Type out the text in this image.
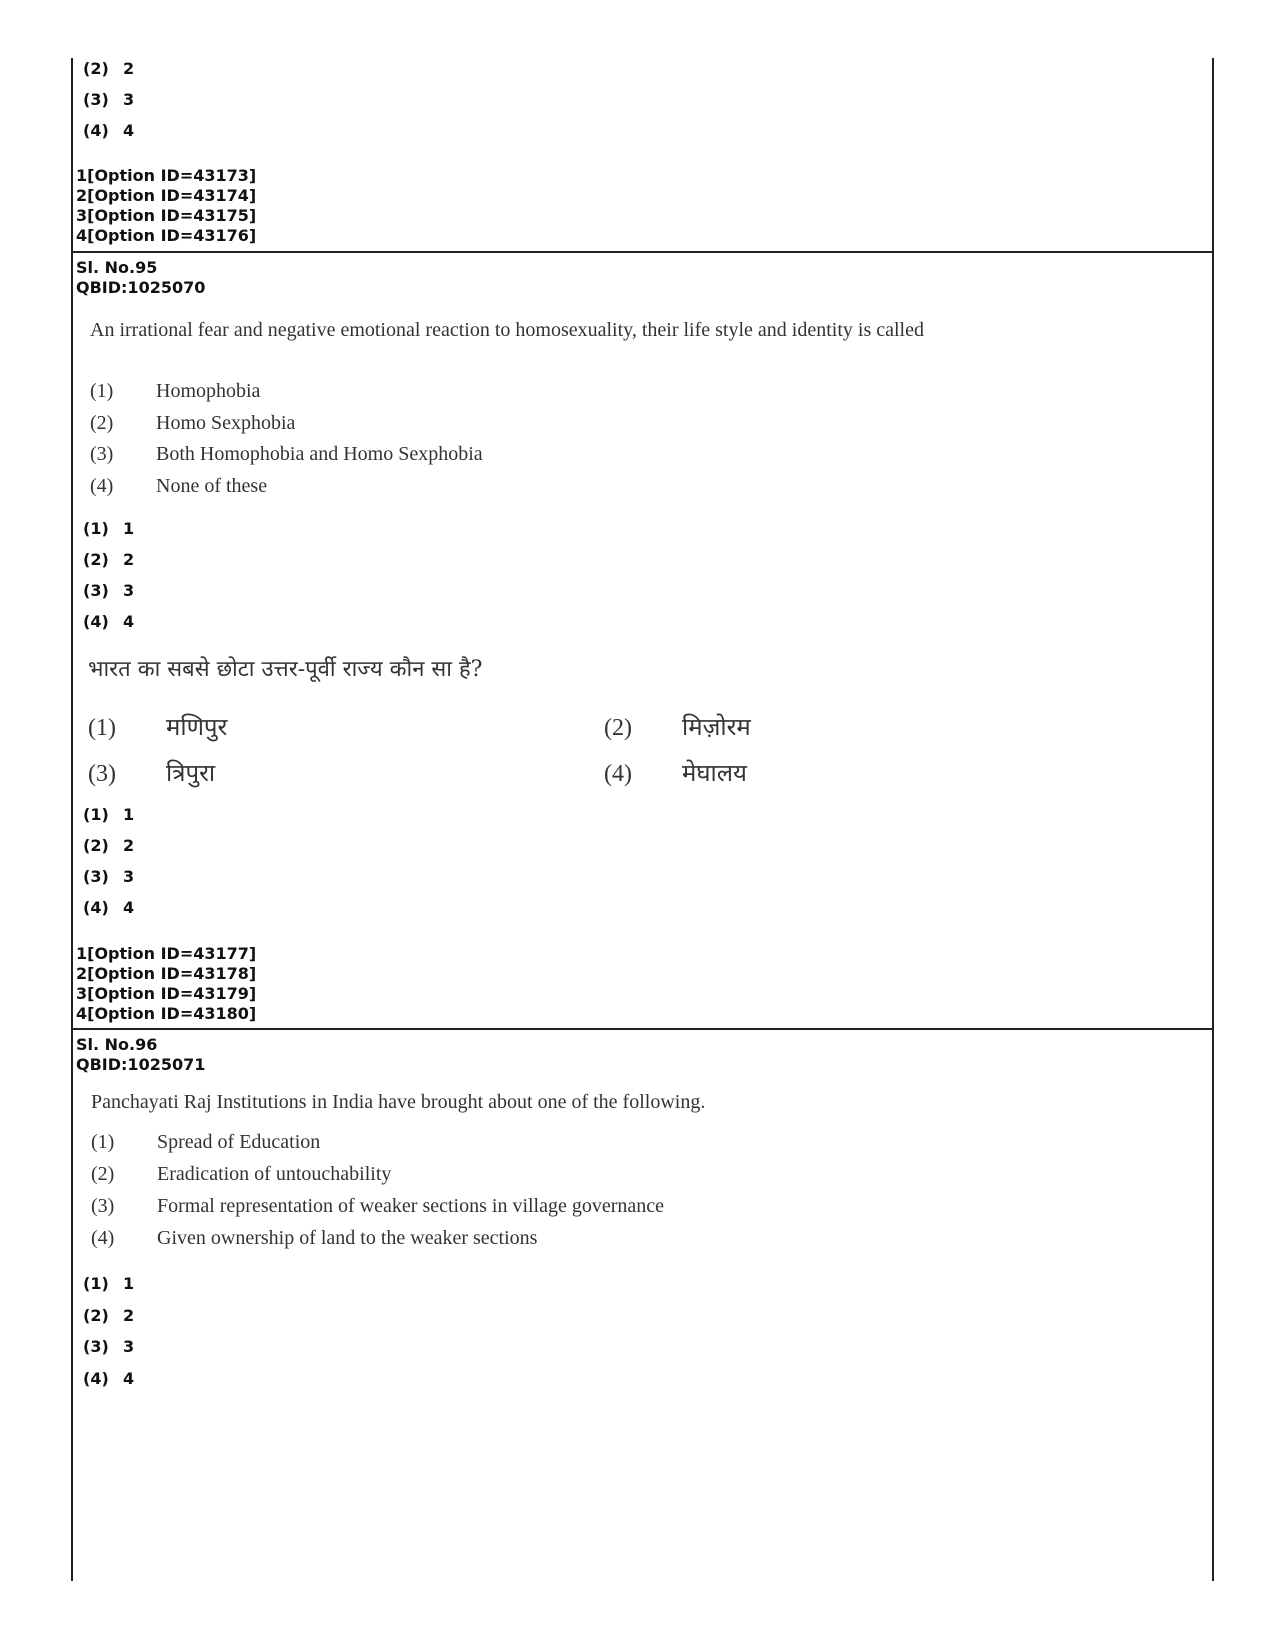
(2) 2
(3) 3
(4) 4
1[Option ID=43173]
2[Option ID=43174]
3[Option ID=43175]
4[Option ID=43176]
Sl. No.95
QBID:1025070
An irrational fear and negative emotional reaction to homosexuality, their life style and identity is called
(1) Homophobia
(2) Homo Sexphobia
(3) Both Homophobia and Homo Sexphobia
(4) None of these
(1) 1
(2) 2
(3) 3
(4) 4
भारत का सबसे छोटा उत्तर-पूर्वी राज्य कौन सा है?
(1) मणिपुर	(2) मिज़ोरम
(3) त्रिपुरा	(4) मेघालय
(1) 1
(2) 2
(3) 3
(4) 4
1[Option ID=43177]
2[Option ID=43178]
3[Option ID=43179]
4[Option ID=43180]
Sl. No.96
QBID:1025071
Panchayati Raj Institutions in India have brought about one of the following.
(1) Spread of Education
(2) Eradication of untouchability
(3) Formal representation of weaker sections in village governance
(4) Given ownership of land to the weaker sections
(1) 1
(2) 2
(3) 3
(4) 4
